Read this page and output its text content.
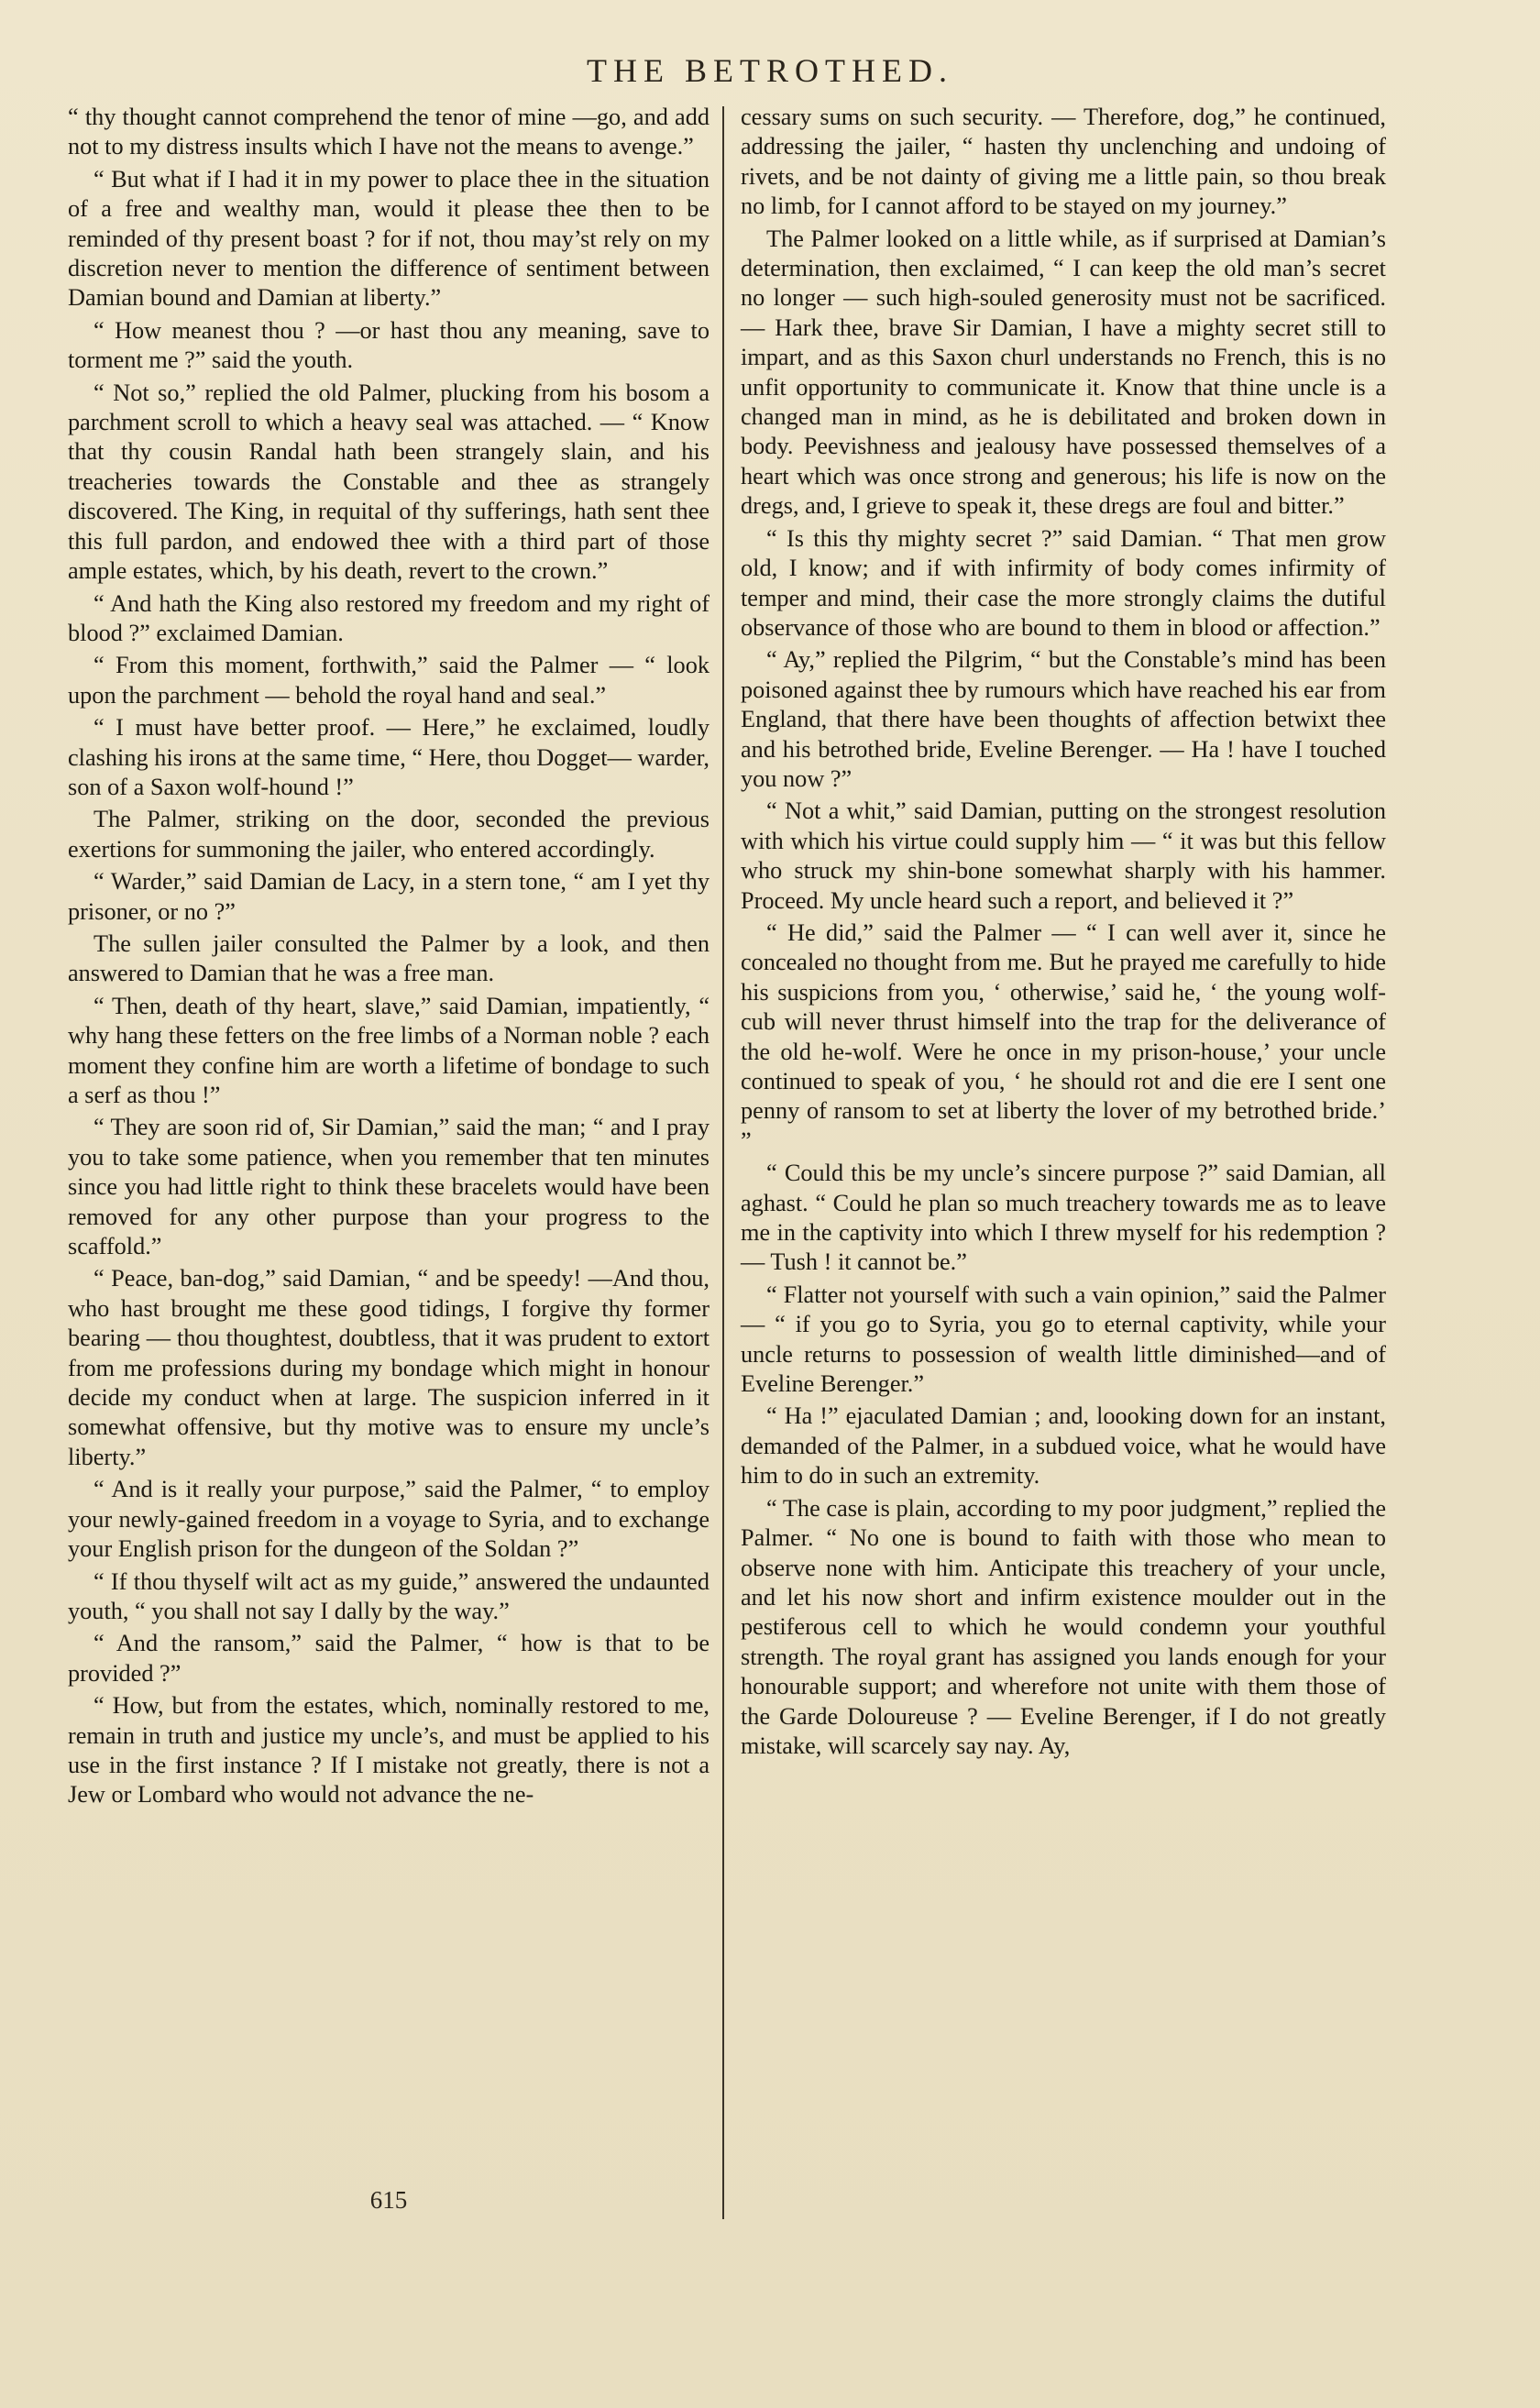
THE BETROTHED.

“ thy thought cannot comprehend the tenor of mine —go, and add not to my distress insults which I have not the means to avenge.”

“ But what if I had it in my power to place thee in the situation of a free and wealthy man, would it please thee then to be reminded of thy present boast ? for if not, thou may’st rely on my discretion never to mention the difference of sentiment between Damian bound and Damian at liberty.”

“ How meanest thou ? —or hast thou any meaning, save to torment me ?” said the youth.

“ Not so,” replied the old Palmer, plucking from his bosom a parchment scroll to which a heavy seal was attached. — “ Know that thy cousin Randal hath been strangely slain, and his treacheries towards the Constable and thee as strangely discovered. The King, in requital of thy sufferings, hath sent thee this full pardon, and endowed thee with a third part of those ample estates, which, by his death, revert to the crown.”

“ And hath the King also restored my freedom and my right of blood ?” exclaimed Damian.

“ From this moment, forthwith,” said the Palmer — “ look upon the parchment — behold the royal hand and seal.”

“ I must have better proof. — Here,” he exclaimed, loudly clashing his irons at the same time, “ Here, thou Dogget— warder, son of a Saxon wolf-hound !”

The Palmer, striking on the door, seconded the previous exertions for summoning the jailer, who entered accordingly.

“ Warder,” said Damian de Lacy, in a stern tone, “ am I yet thy prisoner, or no ?”

The sullen jailer consulted the Palmer by a look, and then answered to Damian that he was a free man.

“ Then, death of thy heart, slave,” said Damian, impatiently, “ why hang these fetters on the free limbs of a Norman noble ? each moment they confine him are worth a lifetime of bondage to such a serf as thou !”

“ They are soon rid of, Sir Damian,” said the man; “ and I pray you to take some patience, when you remember that ten minutes since you had little right to think these bracelets would have been removed for any other purpose than your progress to the scaffold.”

“ Peace, ban-dog,” said Damian, “ and be speedy! —And thou, who hast brought me these good tidings, I forgive thy former bearing — thou thoughtest, doubtless, that it was prudent to extort from me professions during my bondage which might in honour decide my conduct when at large. The suspicion inferred in it somewhat offensive, but thy motive was to ensure my uncle’s liberty.”

“ And is it really your purpose,” said the Palmer, “ to employ your newly-gained freedom in a voyage to Syria, and to exchange your English prison for the dungeon of the Soldan ?”

“ If thou thyself wilt act as my guide,” answered the undaunted youth, “ you shall not say I dally by the way.”

“ And the ransom,” said the Palmer, “ how is that to be provided ?”

“ How, but from the estates, which, nominally restored to me, remain in truth and justice my uncle’s, and must be applied to his use in the first instance ? If I mistake not greatly, there is not a Jew or Lombard who would not advance the ne-

cessary sums on such security. — Therefore, dog,” he continued, addressing the jailer, “ hasten thy unclenching and undoing of rivets, and be not dainty of giving me a little pain, so thou break no limb, for I cannot afford to be stayed on my journey.”

The Palmer looked on a little while, as if surprised at Damian’s determination, then exclaimed, “ I can keep the old man’s secret no longer — such high-souled generosity must not be sacrificed. — Hark thee, brave Sir Damian, I have a mighty secret still to impart, and as this Saxon churl understands no French, this is no unfit opportunity to communicate it. Know that thine uncle is a changed man in mind, as he is debilitated and broken down in body. Peevishness and jealousy have possessed themselves of a heart which was once strong and generous; his life is now on the dregs, and, I grieve to speak it, these dregs are foul and bitter.”

“ Is this thy mighty secret ?” said Damian. “ That men grow old, I know; and if with infirmity of body comes infirmity of temper and mind, their case the more strongly claims the dutiful observance of those who are bound to them in blood or affection.”

“ Ay,” replied the Pilgrim, “ but the Constable’s mind has been poisoned against thee by rumours which have reached his ear from England, that there have been thoughts of affection betwixt thee and his betrothed bride, Eveline Berenger. — Ha ! have I touched you now ?”

“ Not a whit,” said Damian, putting on the strongest resolution with which his virtue could supply him — “ it was but this fellow who struck my shin-bone somewhat sharply with his hammer. Proceed. My uncle heard such a report, and believed it ?”

“ He did,” said the Palmer — “ I can well aver it, since he concealed no thought from me. But he prayed me carefully to hide his suspicions from you, ‘ otherwise,’ said he, ‘ the young wolf-cub will never thrust himself into the trap for the deliverance of the old he-wolf. Were he once in my prison-house,’ your uncle continued to speak of you, ‘ he should rot and die ere I sent one penny of ransom to set at liberty the lover of my betrothed bride.’ ”

“ Could this be my uncle’s sincere purpose ?” said Damian, all aghast. “ Could he plan so much treachery towards me as to leave me in the captivity into which I threw myself for his redemption ? — Tush ! it cannot be.”

“ Flatter not yourself with such a vain opinion,” said the Palmer — “ if you go to Syria, you go to eternal captivity, while your uncle returns to possession of wealth little diminished—and of Eveline Berenger.”

“ Ha !” ejaculated Damian ; and, loooking down for an instant, demanded of the Palmer, in a subdued voice, what he would have him to do in such an extremity.

“ The case is plain, according to my poor judgment,” replied the Palmer. “ No one is bound to faith with those who mean to observe none with him. Anticipate this treachery of your uncle, and let his now short and infirm existence moulder out in the pestiferous cell to which he would condemn your youthful strength. The royal grant has assigned you lands enough for your honourable support; and wherefore not unite with them those of the Garde Doloureuse ? — Eveline Berenger, if I do not greatly mistake, will scarcely say nay. Ay,

615
